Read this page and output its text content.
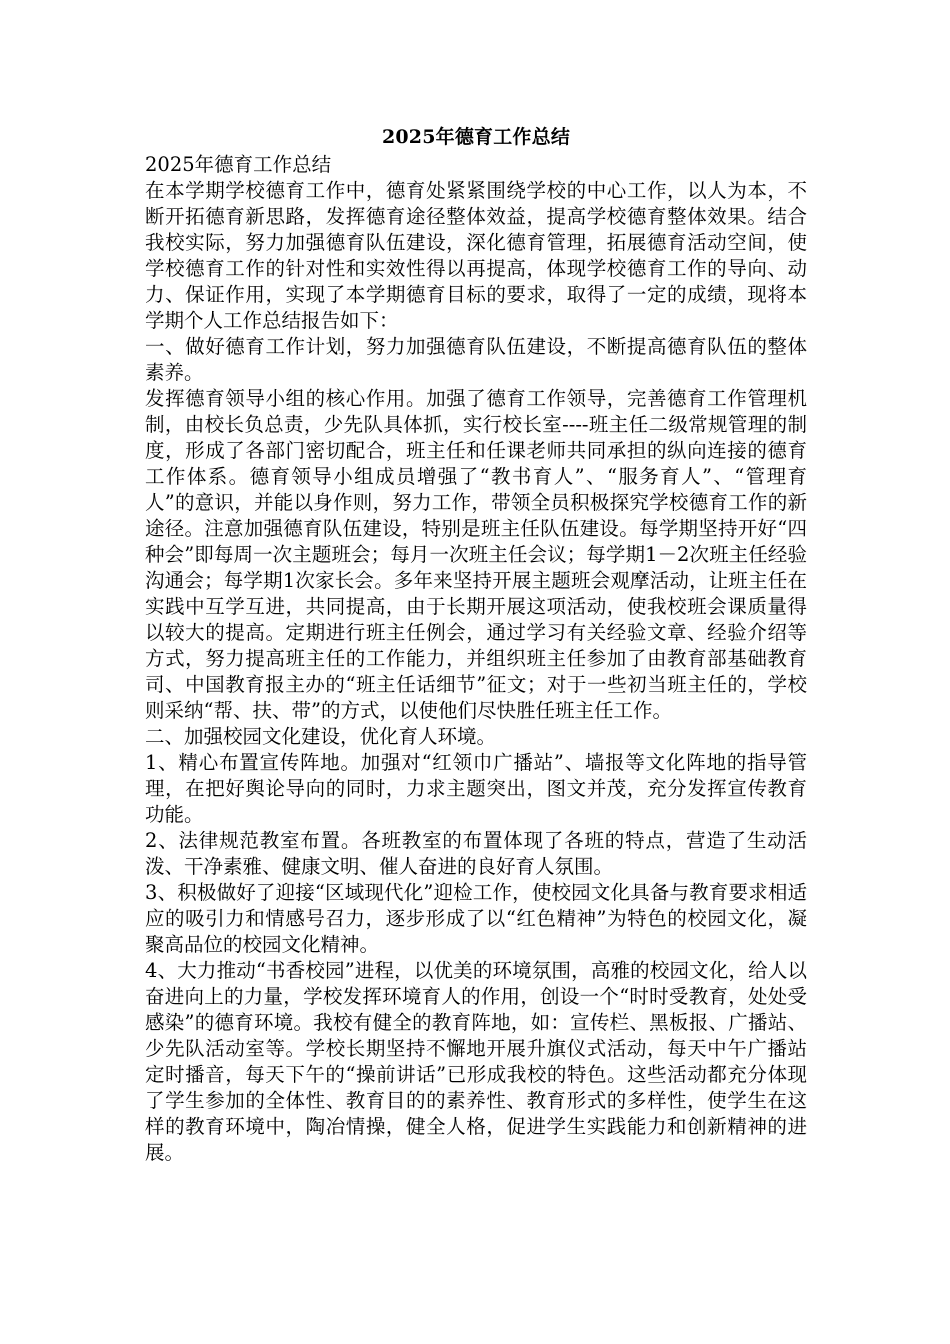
2025年德育工作总结

2025年德育工作总结

在本学期学校德育工作中，德育处紧紧围绕学校的中心工作，以人为本，不断开拓德育新思路，发挥德育途径整体效益，提高学校德育整体效果。结合我校实际，努力加强德育队伍建设，深化德育管理，拓展德育活动空间，使学校德育工作的针对性和实效性得以再提高，体现学校德育工作的导向、动力、保证作用，实现了本学期德育目标的要求，取得了一定的成绩，现将本学期个人工作总结报告如下：

一、做好德育工作计划，努力加强德育队伍建设，不断提高德育队伍的整体素养。

发挥德育领导小组的核心作用。加强了德育工作领导，完善德育工作管理机制，由校长负总责，少先队具体抓，实行校长室----班主任二级常规管理的制度，形成了各部门密切配合，班主任和任课老师共同承担的纵向连接的德育工作体系。德育领导小组成员增强了“教书育人”、“服务育人”、“管理育人”的意识，并能以身作则，努力工作，带领全员积极探究学校德育工作的新途径。注意加强德育队伍建设，特别是班主任队伍建设。每学期坚持开好“四种会”即每周一次主题班会；每月一次班主任会议；每学期1－2次班主任经验沟通会；每学期1次家长会。多年来坚持开展主题班会观摩活动，让班主任在实践中互学互进，共同提高，由于长期开展这项活动，使我校班会课质量得以较大的提高。定期进行班主任例会，通过学习有关经验文章、经验介绍等方式，努力提高班主任的工作能力，并组织班主任参加了由教育部基础教育司、中国教育报主办的“班主任话细节”征文；对于一些初当班主任的，学校则采纳“帮、扶、带”的方式，以使他们尽快胜任班主任工作。

二、加强校园文化建设，优化育人环境。

1、精心布置宣传阵地。加强对“红领巾广播站”、墙报等文化阵地的指导管理，在把好舆论导向的同时，力求主题突出，图文并茂，充分发挥宣传教育功能。

2、法律规范教室布置。各班教室的布置体现了各班的特点，营造了生动活泼、干净素雅、健康文明、催人奋进的良好育人氛围。

3、积极做好了迎接“区域现代化”迎检工作，使校园文化具备与教育要求相适应的吸引力和情感号召力，逐步形成了以“红色精神”为特色的校园文化，凝聚高品位的校园文化精神。

4、大力推动“书香校园”进程，以优美的环境氛围，高雅的校园文化，给人以奋进向上的力量，学校发挥环境育人的作用，创设一个“时时受教育，处处受感染”的德育环境。我校有健全的教育阵地，如：宣传栏、黑板报、广播站、少先队活动室等。学校长期坚持不懈地开展升旗仪式活动，每天中午广播站定时播音，每天下午的“操前讲话”已形成我校的特色。这些活动都充分体现了学生参加的全体性、教育目的的素养性、教育形式的多样性，使学生在这样的教育环境中，陶冶情操，健全人格，促进学生实践能力和创新精神的进展。
